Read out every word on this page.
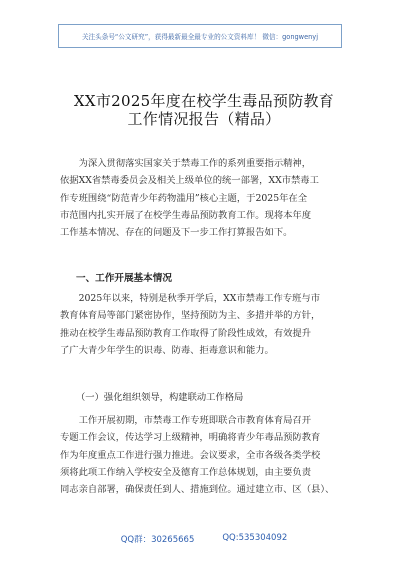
关注头条号“公文研究”，获得最新最全最专业的公文资料库！ 微信：gongwenyj
XX市2025年度在校学生毒品预防教育
工作情况报告（精品）
　　为深入贯彻落实国家关于禁毒工作的系列重要指示精神，
依据XX省禁毒委员会及相关上级单位的统一部署，XX市禁毒工
作专班围绕“防范青少年药物滥用”核心主题，于2025年在全
市范围内扎实开展了在校学生毒品预防教育工作。现将本年度
工作基本情况、存在的问题及下一步工作打算报告如下。
一、工作开展基本情况
　　2025年以来，特别是秋季开学后，XX市禁毒工作专班与市
教育体育局等部门紧密协作，坚持预防为主、多措并举的方针，
推动在校学生毒品预防教育工作取得了阶段性成效，有效提升
了广大青少年学生的识毒、防毒、拒毒意识和能力。
（一）强化组织领导，构建联动工作格局
　　工作开展初期，市禁毒工作专班即联合市教育体育局召开
专题工作会议，传达学习上级精神，明确将青少年毒品预防教育
作为年度重点工作进行强力推进。会议要求，全市各级各类学校
须将此项工作纳入学校安全及德育工作总体规划，由主要负责
同志亲自部署，确保责任到人、措施到位。通过建立市、区（县）、
QQ群：30265665	QQ:535304092
